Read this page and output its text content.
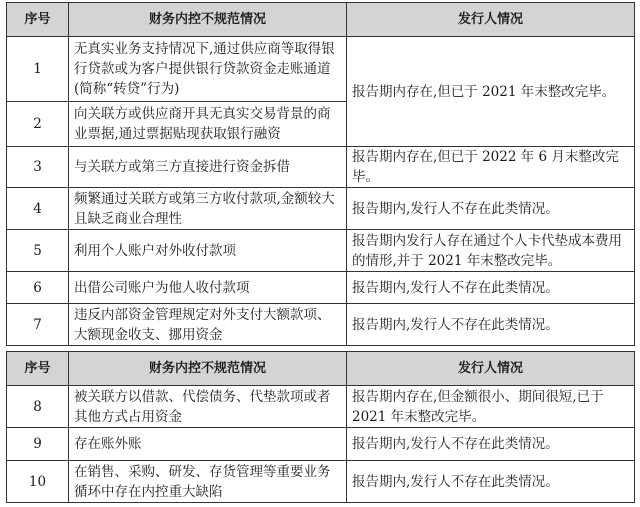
序号	财务内控不规范情况	发行人情况
1	无真实业务支持情况下,通过供应商等取得银行贷款或为客户提供银行贷款资金走账通道(简称“转贷”行为)	报告期内存在,但已于 2021 年末整改完毕。
2	向关联方或供应商开具无真实交易背景的商业票据,通过票据贴现获取银行融资	
3	与关联方或第三方直接进行资金拆借	报告期内存在,但已于 2022 年 6 月末整改完毕。
4	频繁通过关联方或第三方收付款项,金额较大且缺乏商业合理性	报告期内,发行人不存在此类情况。
5	利用个人账户对外收付款项	报告期内发行人存在通过个人卡代垫成本费用的情形,并于 2021 年末整改完毕。
6	出借公司账户为他人收付款项	报告期内,发行人不存在此类情况。
7	违反内部资金管理规定对外支付大额款项、大额现金收支、挪用资金	报告期内,发行人不存在此类情况。
序号	财务内控不规范情况	发行人情况
8	被关联方以借款、代偿债务、代垫款项或者其他方式占用资金	报告期内存在,但金额很小、期间很短,已于 2021 年末整改完毕。
9	存在账外账	报告期内,发行人不存在此类情况。
10	在销售、采购、研发、存货管理等重要业务循环中存在内控重大缺陷	报告期内,发行人不存在此类情况。
